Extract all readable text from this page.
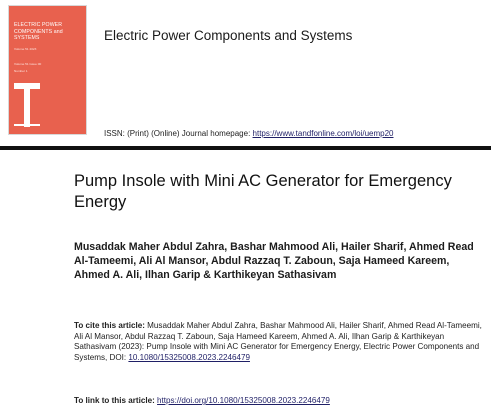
ELECTRIC POWER
COMPONENTS and SYSTEMS
Volume 51 2023
Volume 51 Issue 00
Number 1
Electric Power Components and Systems
ISSN: (Print) (Online) Journal homepage: https://www.tandfonline.com/loi/uemp20
Pump Insole with Mini AC Generator for Emergency Energy
Musaddak Maher Abdul Zahra, Bashar Mahmood Ali, Hailer Sharif, Ahmed Read Al-Tameemi, Ali Al Mansor, Abdul Razzaq T. Zaboun, Saja Hameed Kareem, Ahmed A. Ali, Ilhan Garip & Karthikeyan Sathasivam
To cite this article: Musaddak Maher Abdul Zahra, Bashar Mahmood Ali, Hailer Sharif, Ahmed Read Al-Tameemi, Ali Al Mansor, Abdul Razzaq T. Zaboun, Saja Hameed Kareem, Ahmed A. Ali, Ilhan Garip & Karthikeyan Sathasivam (2023): Pump Insole with Mini AC Generator for Emergency Energy, Electric Power Components and Systems, DOI: 10.1080/15325008.2023.2246479
To link to this article: https://doi.org/10.1080/15325008.2023.2246479
